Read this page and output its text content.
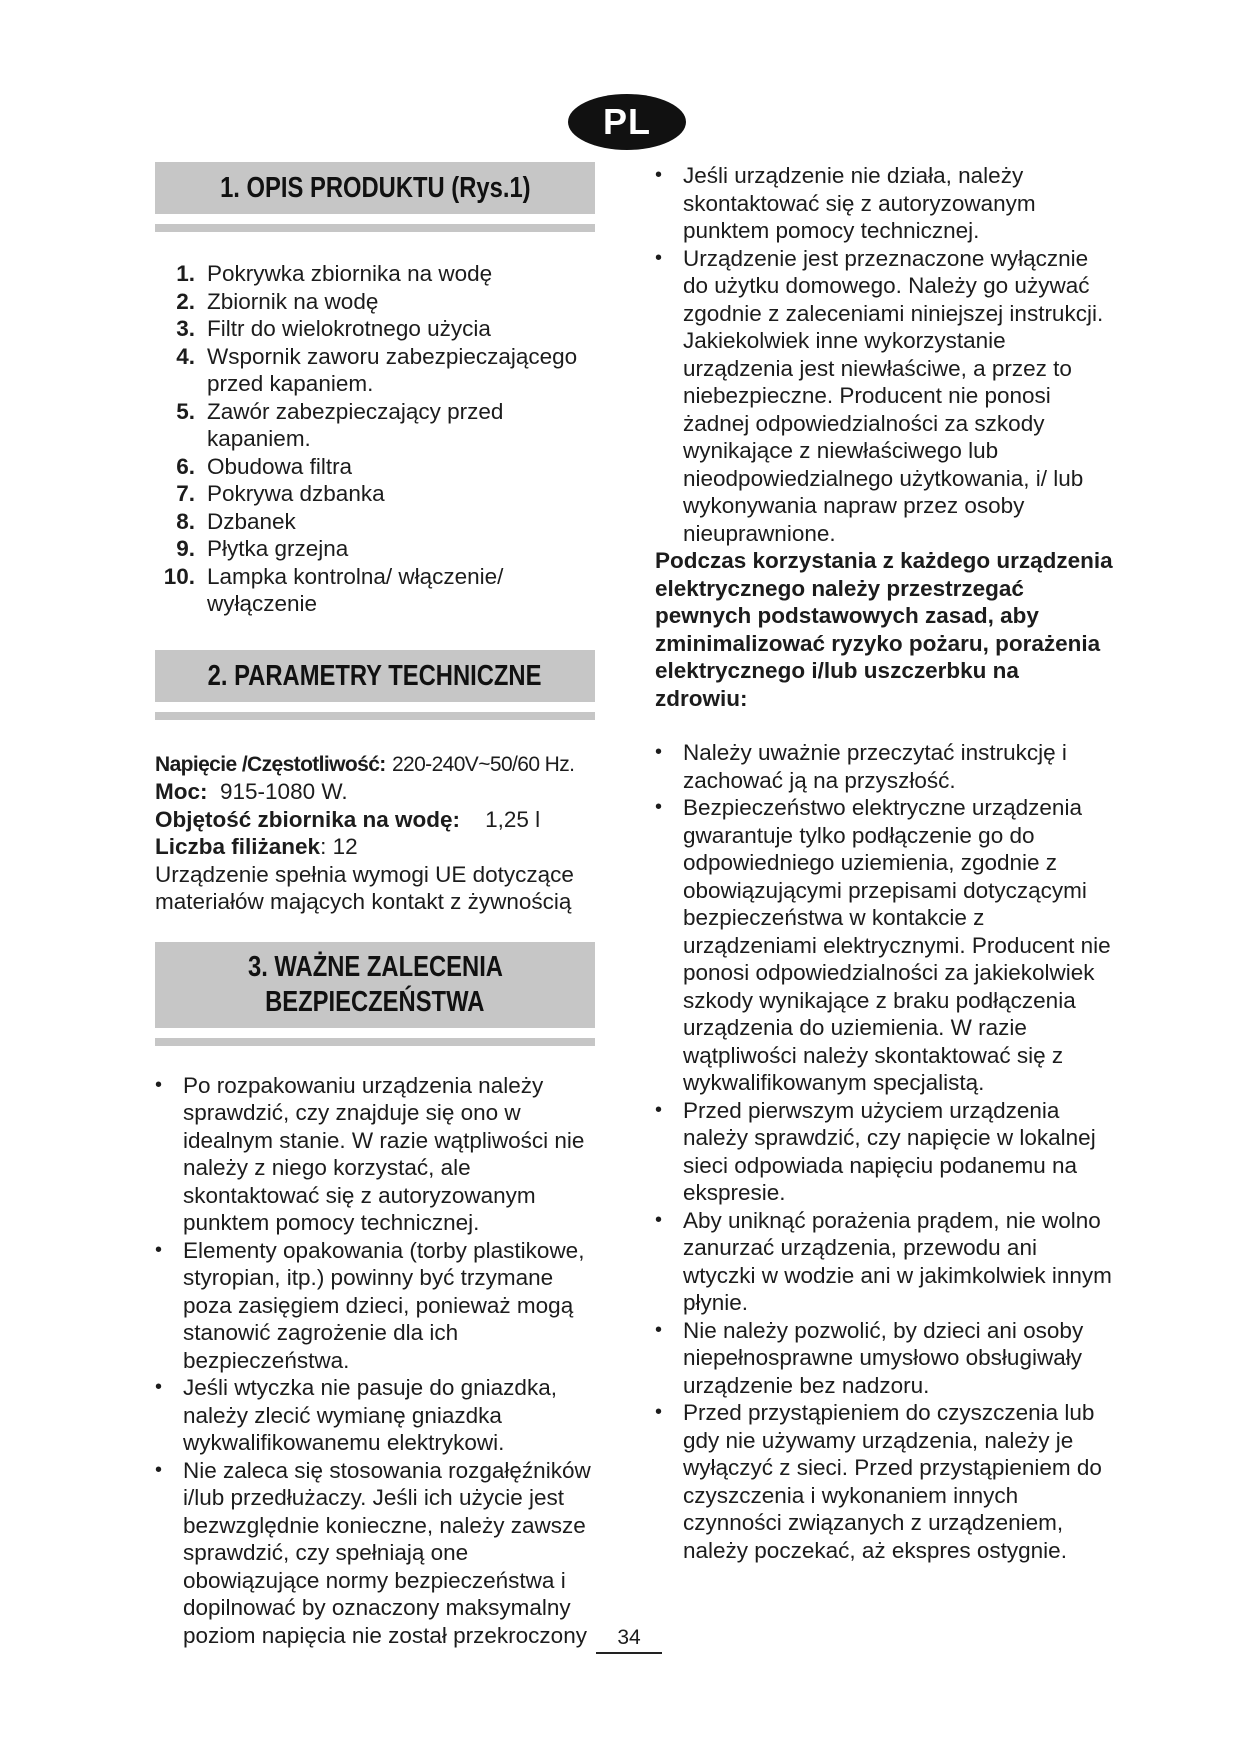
PL
1. OPIS PRODUKTU (Rys.1)
1. Pokrywka zbiornika na wodę
2. Zbiornik na wodę
3. Filtr do wielokrotnego użycia
4. Wspornik zaworu zabezpieczającego przed kapaniem.
5. Zawór zabezpieczający przed kapaniem.
6. Obudowa filtra
7. Pokrywa dzbanka
8. Dzbanek
9. Płytka grzejna
10. Lampka kontrolna/ włączenie/ wyłączenie
2. PARAMETRY TECHNICZNE
Napięcie /Częstotliwość: 220-240V~50/60 Hz.
Moc: 915-1080 W.
Objętość zbiornika na wodę: 1,25 l
Liczba filiżanek: 12
Urządzenie spełnia wymogi UE dotyczące materiałów mających kontakt z żywnością
3. WAŻNE ZALECENIA
BEZPIECZEŃSTWA
• Po rozpakowaniu urządzenia należy sprawdzić, czy znajduje się ono w idealnym stanie. W razie wątpliwości nie należy z niego korzystać, ale skontaktować się z autoryzowanym punktem pomocy technicznej.
• Elementy opakowania (torby plastikowe, styropian, itp.) powinny być trzymane poza zasięgiem dzieci, ponieważ mogą stanowić zagrożenie dla ich bezpieczeństwa.
• Jeśli wtyczka nie pasuje do gniazdka, należy zlecić wymianę gniazdka wykwalifikowanemu elektrykowi.
• Nie zaleca się stosowania rozgałęźników i/lub przedłużaczy. Jeśli ich użycie jest bezwzględnie konieczne, należy zawsze sprawdzić, czy spełniają one obowiązujące normy bezpieczeństwa i dopilnować by oznaczony maksymalny poziom napięcia nie został przekroczony
• Jeśli urządzenie nie działa, należy skontaktować się z autoryzowanym punktem pomocy technicznej.
• Urządzenie jest przeznaczone wyłącznie do użytku domowego. Należy go używać zgodnie z zaleceniami niniejszej instrukcji. Jakiekolwiek inne wykorzystanie urządzenia jest niewłaściwe, a przez to niebezpieczne. Producent nie ponosi żadnej odpowiedzialności za szkody wynikające z niewłaściwego lub nieodpowiedzialnego użytkowania, i/ lub wykonywania napraw przez osoby nieuprawnione.

Podczas korzystania z każdego urządzenia elektrycznego należy przestrzegać pewnych podstawowych zasad, aby zminimalizować ryzyko pożaru, porażenia elektrycznego i/lub uszczerbku na zdrowiu:

• Należy uważnie przeczytać instrukcję i zachować ją na przyszłość.
• Bezpieczeństwo elektryczne urządzenia gwarantuje tylko podłączenie go do odpowiedniego uziemienia, zgodnie z obowiązującymi przepisami dotyczącymi bezpieczeństwa w kontakcie z urządzeniami elektrycznymi. Producent nie ponosi odpowiedzialności za jakiekolwiek szkody wynikające z braku podłączenia urządzenia do uziemienia. W razie wątpliwości należy skontaktować się z wykwalifikowanym specjalistą.
• Przed pierwszym użyciem urządzenia należy sprawdzić, czy napięcie w lokalnej sieci odpowiada napięciu podanemu na ekspresie.
• Aby uniknąć porażenia prądem, nie wolno zanurzać urządzenia, przewodu ani wtyczki w wodzie ani w jakimkolwiek innym płynie.
• Nie należy pozwolić, by dzieci ani osoby niepełnosprawne umysłowo obsługiwały urządzenie bez nadzoru.
• Przed przystąpieniem do czyszczenia lub gdy nie używamy urządzenia, należy je wyłączyć z sieci. Przed przystąpieniem do czyszczenia i wykonaniem innych czynności związanych z urządzeniem, należy poczekać, aż ekspres ostygnie.
34
